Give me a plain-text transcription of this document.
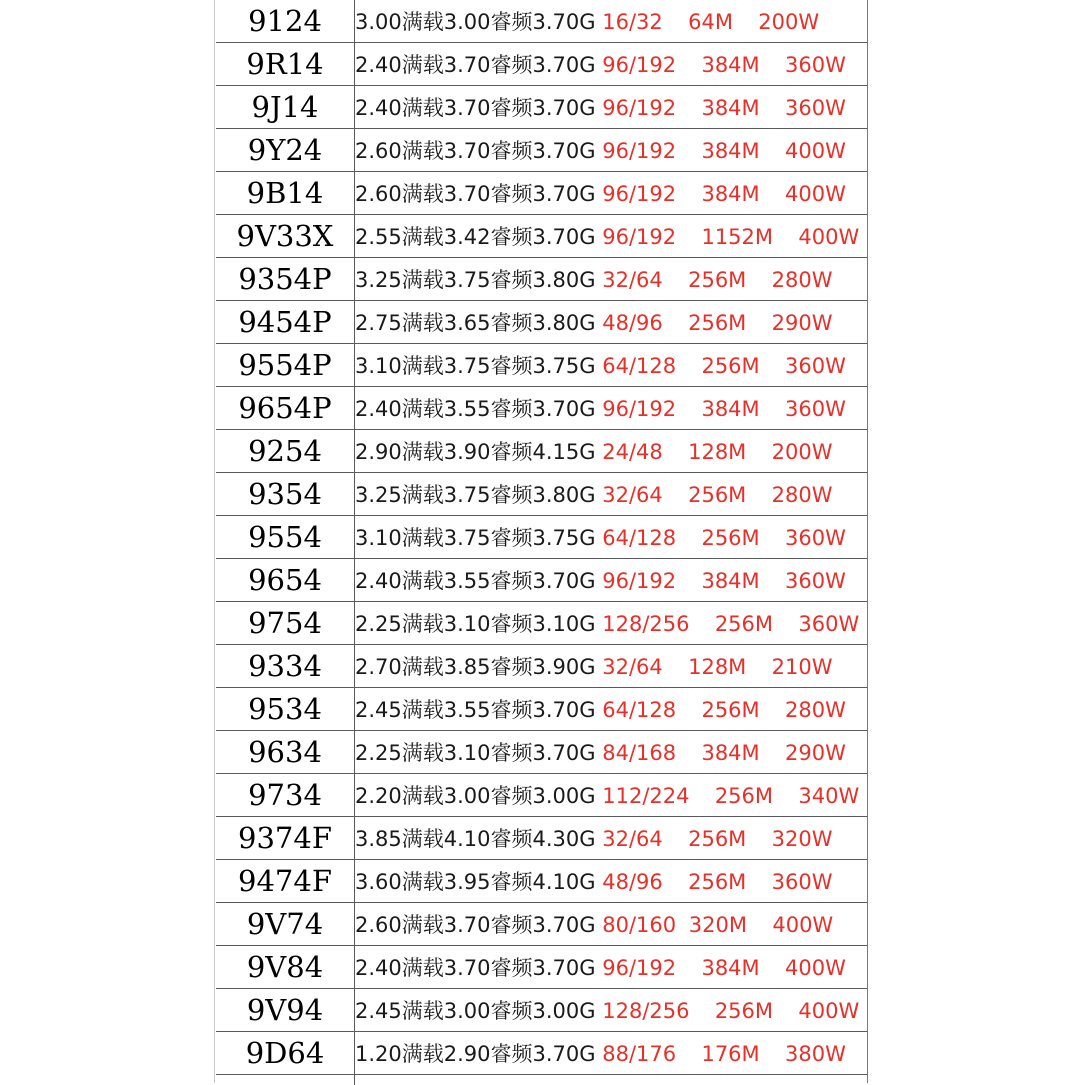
9124	3.00满载3.00睿频3.70G 16/32  64M  200W
9R14	2.40满载3.70睿频3.70G 96/192  384M  360W
9J14	2.40满载3.70睿频3.70G 96/192  384M  360W
9Y24	2.60满载3.70睿频3.70G 96/192  384M  400W
9B14	2.60满载3.70睿频3.70G 96/192  384M  400W
9V33X	2.55满载3.42睿频3.70G 96/192  1152M  400W
9354P	3.25满载3.75睿频3.80G 32/64  256M  280W
9454P	2.75满载3.65睿频3.80G 48/96  256M  290W
9554P	3.10满载3.75睿频3.75G 64/128  256M  360W
9654P	2.40满载3.55睿频3.70G 96/192  384M  360W
9254	2.90满载3.90睿频4.15G 24/48  128M  200W
9354	3.25满载3.75睿频3.80G 32/64  256M  280W
9554	3.10满载3.75睿频3.75G 64/128  256M  360W
9654	2.40满载3.55睿频3.70G 96/192  384M  360W
9754	2.25满载3.10睿频3.10G 128/256  256M  360W
9334	2.70满载3.85睿频3.90G 32/64  128M  210W
9534	2.45满载3.55睿频3.70G 64/128  256M  280W
9634	2.25满载3.10睿频3.70G 84/168  384M  290W
9734	2.20满载3.00睿频3.00G 112/224  256M  340W
9374F	3.85满载4.10睿频4.30G 32/64  256M  320W
9474F	3.60满载3.95睿频4.10G 48/96  256M  360W
9V74	2.60满载3.70睿频3.70G 80/160 320M  400W
9V84	2.40满载3.70睿频3.70G 96/192  384M  400W
9V94	2.45满载3.00睿频3.00G 128/256  256M  400W
9D64	1.20满载2.90睿频3.70G 88/176  176M  380W
